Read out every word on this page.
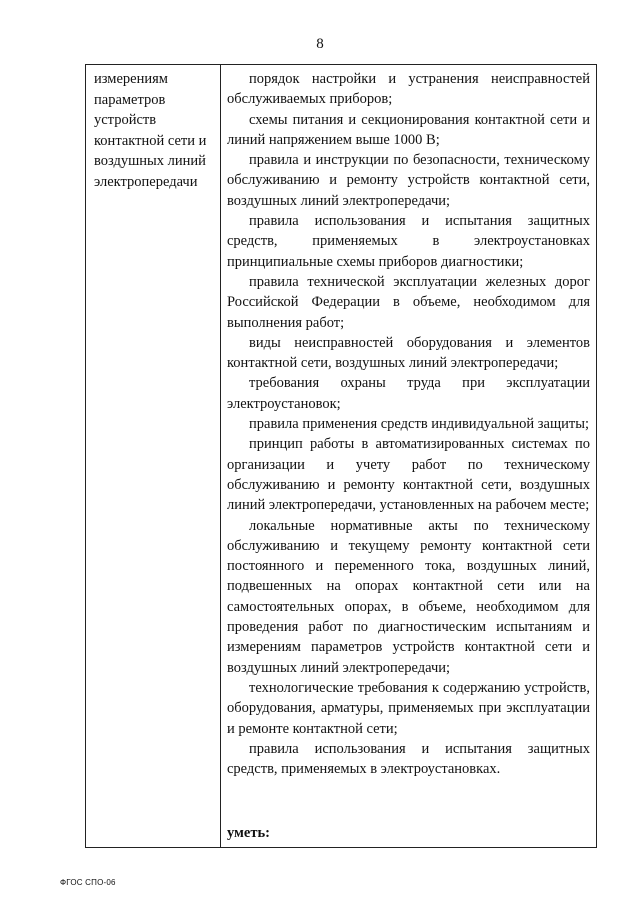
8
измерениям
параметров
устройств
контактной сети и
воздушных линий
электропередачи
порядок настройки и устранения неисправностей обслуживаемых приборов;
схемы питания и секционирования контактной сети и линий напряжением выше 1000 В;
правила и инструкции по безопасности, техническому обслуживанию и ремонту устройств контактной сети, воздушных линий электропередачи;
правила использования и испытания защитных средств, применяемых в электроустановках принципиальные схемы приборов диагностики;
правила технической эксплуатации железных дорог Российской Федерации в объеме, необходимом для выполнения работ;
виды неисправностей оборудования и элементов контактной сети, воздушных линий электропередачи;
требования охраны труда при эксплуатации электроустановок;
правила применения средств индивидуальной защиты;
принцип работы в автоматизированных системах по организации и учету работ по техническому обслуживанию и ремонту контактной сети, воздушных линий электропередачи, установленных на рабочем месте;
локальные нормативные акты по техническому обслуживанию и текущему ремонту контактной сети постоянного и переменного тока, воздушных линий, подвешенных на опорах контактной сети или на самостоятельных опорах, в объеме, необходимом для проведения работ по диагностическим испытаниям и измерениям параметров устройств контактной сети и воздушных линий электропередачи;
технологические требования к содержанию устройств, оборудования, арматуры, применяемых при эксплуатации и ремонте контактной сети;
правила использования и испытания защитных средств, применяемых в электроустановках.
уметь:
ФГОС СПО-06
